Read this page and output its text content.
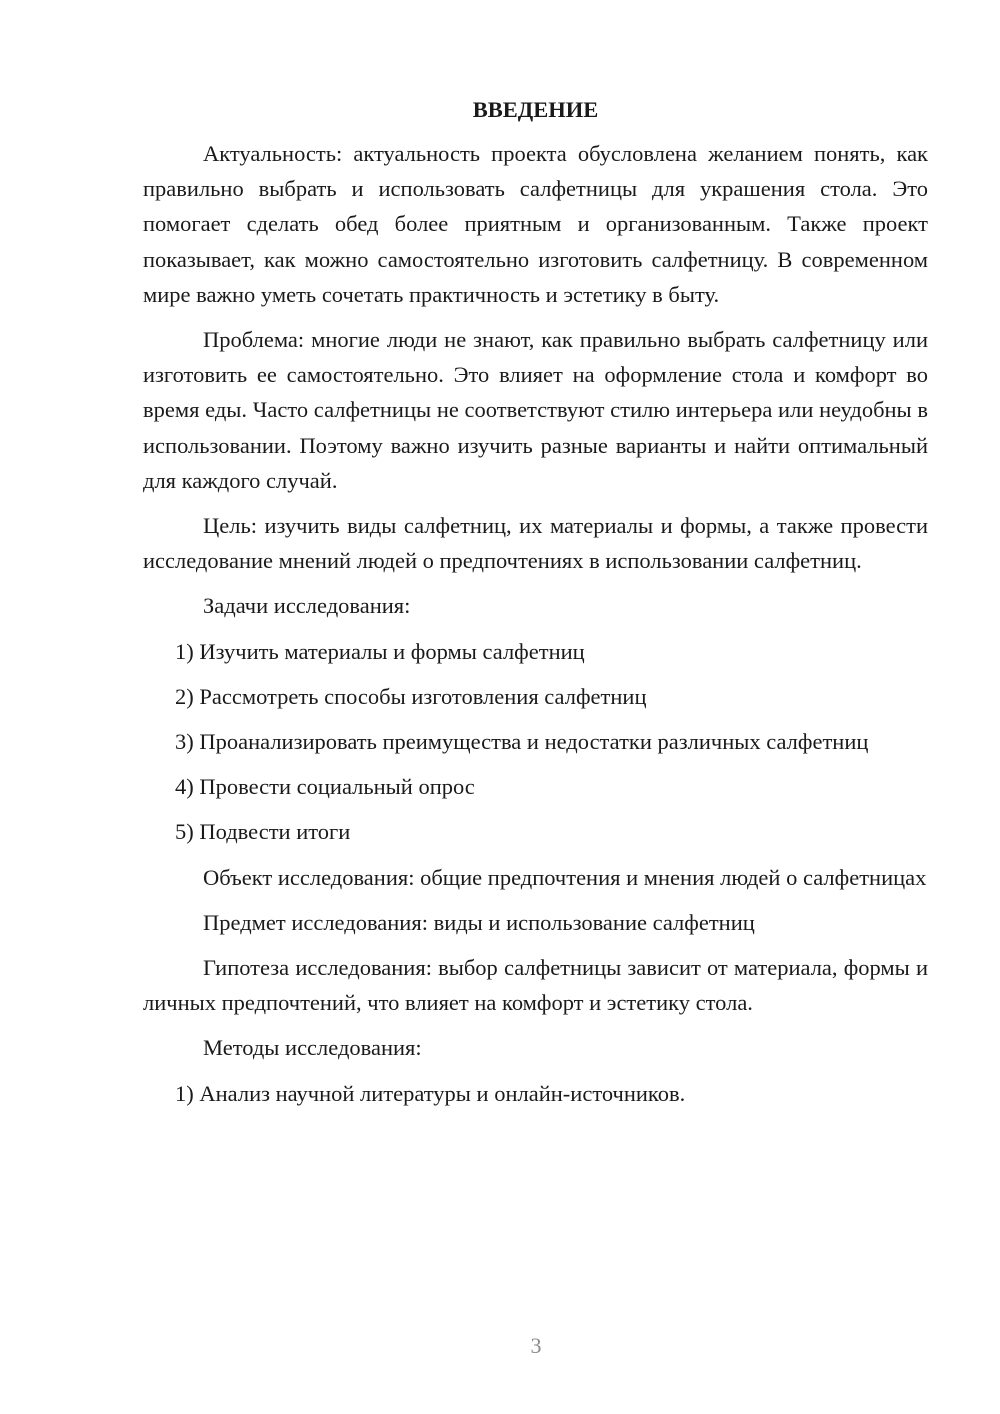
ВВЕДЕНИЕ
Актуальность: актуальность проекта обусловлена желанием понять, как правильно выбрать и использовать салфетницы для украшения стола. Это помогает сделать обед более приятным и организованным. Также проект показывает, как можно самостоятельно изготовить салфетницу. В современном мире важно уметь сочетать практичность и эстетику в быту.
Проблема: многие люди не знают, как правильно выбрать салфетницу или изготовить ее самостоятельно. Это влияет на оформление стола и комфорт во время еды. Часто салфетницы не соответствуют стилю интерьера или неудобны в использовании. Поэтому важно изучить разные варианты и найти оптимальный для каждого случай.
Цель: изучить виды салфетниц, их материалы и формы, а также провести исследование мнений людей о предпочтениях в использовании салфетниц.
Задачи исследования:
1) Изучить материалы и формы салфетниц
2) Рассмотреть способы изготовления салфетниц
3) Проанализировать преимущества и недостатки различных салфетниц
4) Провести социальный опрос
5) Подвести итоги
Объект исследования: общие предпочтения и мнения людей о салфетницах
Предмет исследования: виды и использование салфетниц
Гипотеза исследования: выбор салфетницы зависит от материала, формы и личных предпочтений, что влияет на комфорт и эстетику стола.
Методы исследования:
1) Анализ научной литературы и онлайн-источников.
3
